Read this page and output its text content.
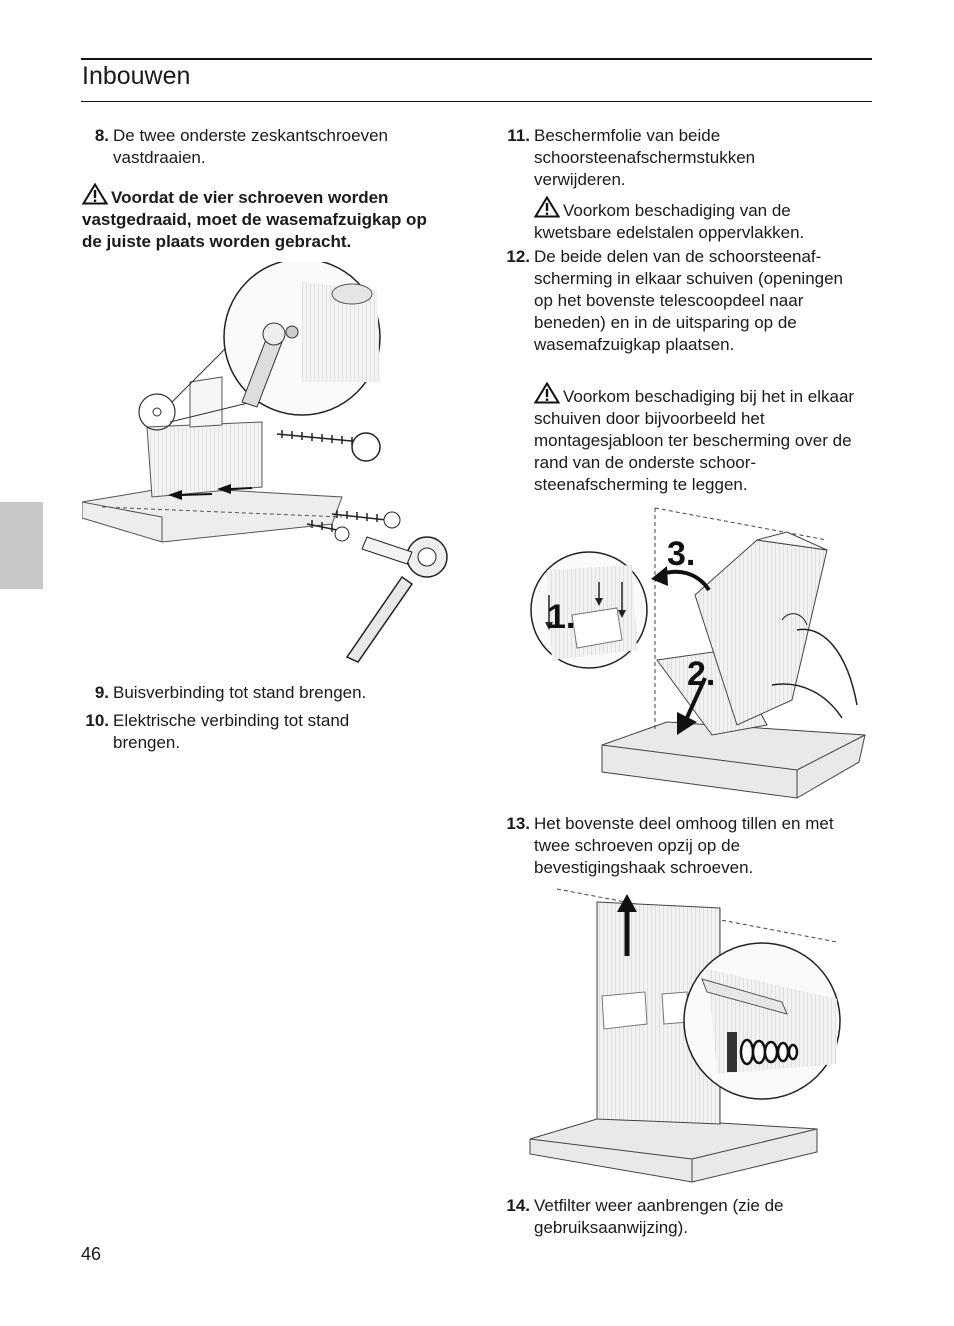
Inbouwen
8. De twee onderste zeskantschroeven vastdraaien.
Voordat de vier schroeven worden vastgedraaid, moet de wasemafzuigkap op de juiste plaats worden gebracht.
9. Buisverbinding tot stand brengen.
10. Elektrische verbinding tot stand brengen.
11. Beschermfolie van beide schoorsteenafschermstukken verwijderen.
Voorkom beschadiging van de kwetsbare edelstalen oppervlakken.
12. De beide delen van de schoorsteenaf-scherming in elkaar schuiven (openingen op het bovenste telescoopdeel naar beneden) en in de uitsparing op de wasemafzuigkap plaatsen.
Voorkom beschadiging bij het in elkaar schuiven door bijvoorbeeld het montagesjabloon ter bescherming over de rand van de onderste schoor-steenafscherming te leggen.
3.
1.
2.
13. Het bovenste deel omhoog tillen en met twee schroeven opzij op de bevestigingshaak schroeven.
14. Vetfilter weer aanbrengen (zie de gebruiksaanwijzing).
46
